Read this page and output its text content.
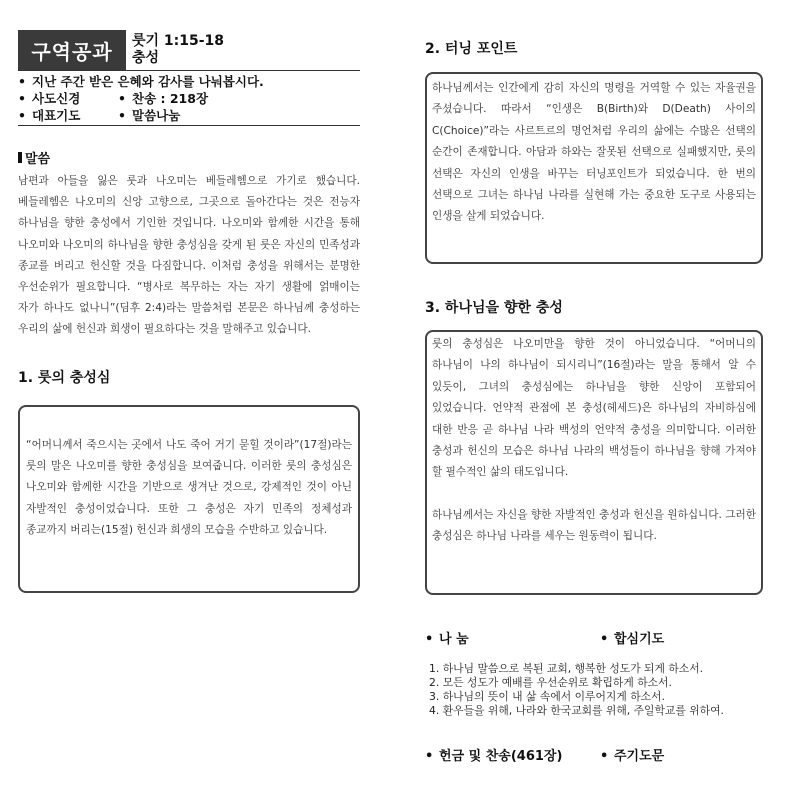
구역공과	룻기 1:15-18
충성
• 지난 주간 받은 은혜와 감사를 나눠봅시다.
• 사도신경	• 찬송 : 218장
• 대표기도	• 말씀나눔
말씀
남편과 아들을 잃은 룻과 나오미는 베들레헴으로 가기로 했습니다. 베들레헴은 나오미의 신앙 고향으로, 그곳으로 돌아간다는 것은 전능자 하나님을 향한 충성에서 기인한 것입니다. 나오미와 함께한 시간을 통해 나오미와 나오미의 하나님을 향한 충성심을 갖게 된 룻은 자신의 민족성과 종교를 버리고 헌신할 것을 다짐합니다. 이처럼 충성을 위해서는 분명한 우선순위가 필요합니다. “병사로 복무하는 자는 자기 생활에 얽매이는 자가 하나도 없나니”(딤후 2:4)라는 말씀처럼 본문은 하나님께 충성하는 우리의 삶에 헌신과 희생이 필요하다는 것을 말해주고 있습니다.
1. 룻의 충성심
“어머니께서 죽으시는 곳에서 나도 죽어 거기 묻힐 것이라”(17절)라는 룻의 말은 나오미를 향한 충성심을 보여줍니다. 이러한 룻의 충성심은 나오미와 함께한 시간을 기반으로 생겨난 것으로, 강제적인 것이 아닌 자발적인 충성이었습니다. 또한 그 충성은 자기 민족의 정체성과 종교까지 버리는(15절) 헌신과 희생의 모습을 수반하고 있습니다.
2. 터닝 포인트
하나님께서는 인간에게 감히 자신의 명령을 거역할 수 있는 자율권을 주셨습니다. 따라서 “인생은 B(Birth)와 D(Death) 사이의 C(Choice)”라는 사르트르의 명언처럼 우리의 삶에는 수많은 선택의 순간이 존재합니다. 아담과 하와는 잘못된 선택으로 실패했지만, 룻의 선택은 자신의 인생을 바꾸는 터닝포인트가 되었습니다. 한 번의 선택으로 그녀는 하나님 나라를 실현해 가는 중요한 도구로 사용되는 인생을 살게 되었습니다.
3. 하나님을 향한 충성
룻의 충성심은 나오미만을 향한 것이 아니었습니다. “어머니의 하나님이 나의 하나님이 되시리니”(16절)라는 말을 통해서 알 수 있듯이, 그녀의 충성심에는 하나님을 향한 신앙이 포함되어 있었습니다. 언약적 관점에 본 충성(헤세드)은 하나님의 자비하심에 대한 반응 곧 하나님 나라 백성의 언약적 충성을 의미합니다. 이러한 충성과 헌신의 모습은 하나님 나라의 백성들이 하나님을 향해 가져야 할 필수적인 삶의 태도입니다.
하나님께서는 자신을 향한 자발적인 충성과 헌신을 원하십니다. 그러한 충성심은 하나님 나라를 세우는 원동력이 됩니다.
• 나 눔	• 합심기도
1. 하나님 말씀으로 복된 교회, 행복한 성도가 되게 하소서.
2. 모든 성도가 예배를 우선순위로 확립하게 하소서.
3. 하나님의 뜻이 내 삶 속에서 이루어지게 하소서.
4. 환우들을 위해, 나라와 한국교회를 위해, 주일학교를 위하여.
• 헌금 및 찬송(461장)	• 주기도문
